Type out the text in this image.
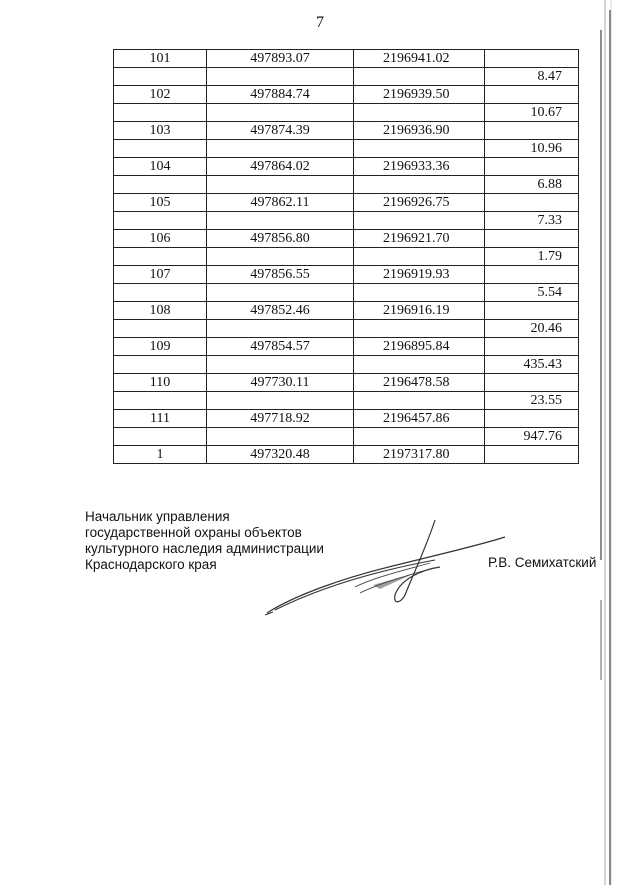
7
101	497893.07	2196941.02	
			8.47
102	497884.74	2196939.50	
			10.67
103	497874.39	2196936.90	
			10.96
104	497864.02	2196933.36	
			6.88
105	497862.11	2196926.75	
			7.33
106	497856.80	2196921.70	
			1.79
107	497856.55	2196919.93	
			5.54
108	497852.46	2196916.19	
			20.46
109	497854.57	2196895.84	
			435.43
110	497730.11	2196478.58	
			23.55
111	497718.92	2196457.86	
			947.76
1	497320.48	2197317.80	
Начальник управления
государственной охраны объектов
культурного наследия администрации
Краснодарского края	Р.В. Семихатский
